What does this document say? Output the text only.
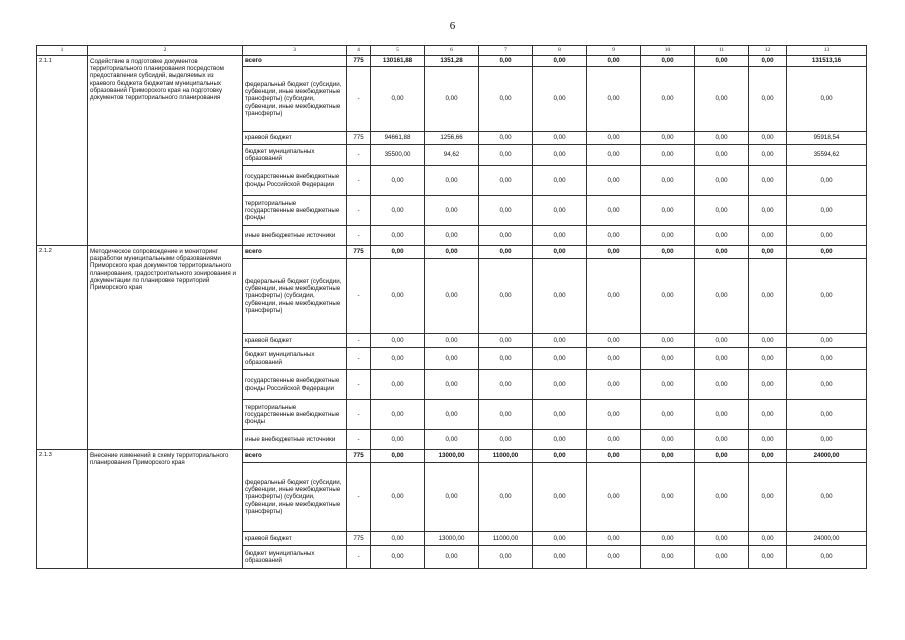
6
1	2	3	4	5	6	7	8	9	10	11	12	13
2.1.1	Содействие в подготовке документов территориального планирования посредством предоставления субсидий, выделяемых из краевого бюджета бюджетам муниципальных образований Приморского края на подготовку документов территориального планирования	всего	775	130161,88	1351,28	0,00	0,00	0,00	0,00	0,00	0,00	131513,16
		федеральный бюджет (субсидии, субвенции, иные межбюджетные трансферты) (субсидии, субвенции, иные межбюджетные трансферты)	-	0,00	0,00	0,00	0,00	0,00	0,00	0,00	0,00	0,00
		краевой бюджет	775	94661,88	1256,66	0,00	0,00	0,00	0,00	0,00	0,00	95918,54
		бюджет муниципальных образований	-	35500,00	94,62	0,00	0,00	0,00	0,00	0,00	0,00	35594,62
		государственные внебюджетные фонды Российской Федерации	-	0,00	0,00	0,00	0,00	0,00	0,00	0,00	0,00	0,00
		территориальные государственные внебюджетные фонды	-	0,00	0,00	0,00	0,00	0,00	0,00	0,00	0,00	0,00
		иные внебюджетные источники	-	0,00	0,00	0,00	0,00	0,00	0,00	0,00	0,00	0,00
2.1.2	Методическое сопровождение и мониторинг разработки муниципальными образованиями Приморского края документов территориального планирования, градостроительного зонирования и документации по планировке территорий Приморского края	всего	775	0,00	0,00	0,00	0,00	0,00	0,00	0,00	0,00	0,00
		федеральный бюджет (субсидии, субвенции, иные межбюджетные трансферты) (субсидии, субвенции, иные межбюджетные трансферты)	-	0,00	0,00	0,00	0,00	0,00	0,00	0,00	0,00	0,00
		краевой бюджет	-	0,00	0,00	0,00	0,00	0,00	0,00	0,00	0,00	0,00
		бюджет муниципальных образований	-	0,00	0,00	0,00	0,00	0,00	0,00	0,00	0,00	0,00
		государственные внебюджетные фонды Российской Федерации	-	0,00	0,00	0,00	0,00	0,00	0,00	0,00	0,00	0,00
		территориальные государственные внебюджетные фонды	-	0,00	0,00	0,00	0,00	0,00	0,00	0,00	0,00	0,00
		иные внебюджетные источники	-	0,00	0,00	0,00	0,00	0,00	0,00	0,00	0,00	0,00
2.1.3	Внесение изменений в схему территориального планирования Приморского края	всего	775	0,00	13000,00	11000,00	0,00	0,00	0,00	0,00	0,00	24000,00
		федеральный бюджет (субсидии, субвенции, иные межбюджетные трансферты) (субсидии, субвенции, иные межбюджетные трансферты)	-	0,00	0,00	0,00	0,00	0,00	0,00	0,00	0,00	0,00
		краевой бюджет	775	0,00	13000,00	11000,00	0,00	0,00	0,00	0,00	0,00	24000,00
		бюджет муниципальных образований	-	0,00	0,00	0,00	0,00	0,00	0,00	0,00	0,00	0,00
